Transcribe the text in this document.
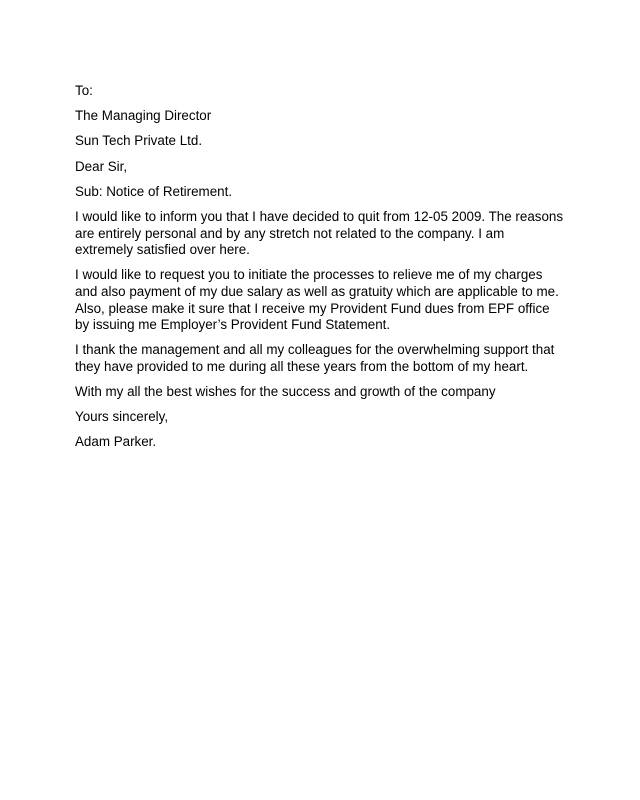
To:
The Managing Director
Sun Tech Private Ltd.
Dear Sir,
Sub: Notice of Retirement.
I would like to inform you that I have decided to quit from 12-05 2009. The reasons are entirely personal and by any stretch not related to the company. I am extremely satisfied over here.
I would like to request you to initiate the processes to relieve me of my charges and also payment of my due salary as well as gratuity which are applicable to me. Also, please make it sure that I receive my Provident Fund dues from EPF office by issuing me Employer’s Provident Fund Statement.
I thank the management and all my colleagues for the overwhelming support that they have provided to me during all these years from the bottom of my heart.
With my all the best wishes for the success and growth of the company
Yours sincerely,
Adam Parker.
